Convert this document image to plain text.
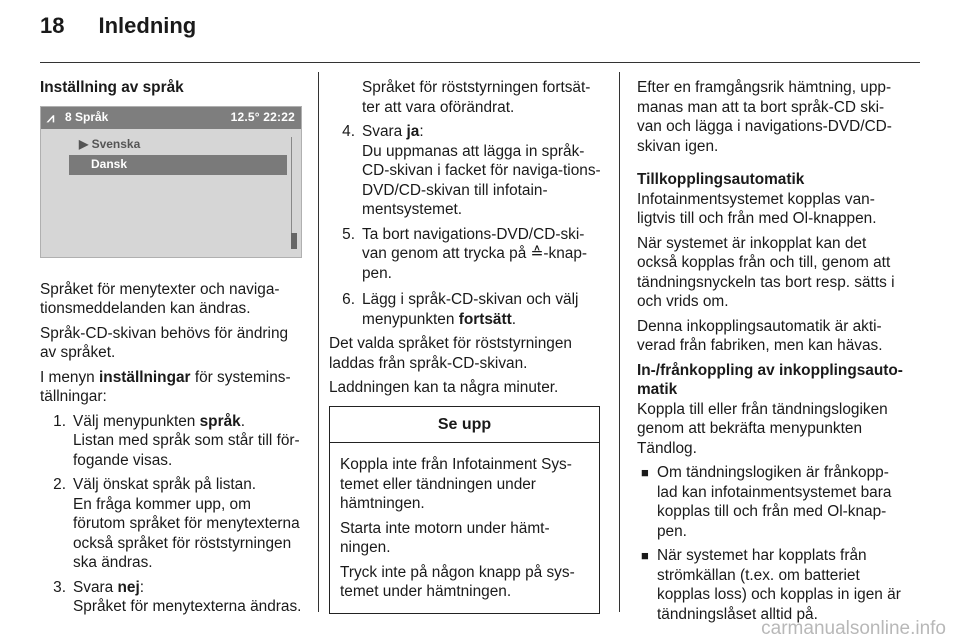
18 Inledning
Inställning av språk
⩘ 8 Språk	12.5° 22:22
▶ Svenska
Dansk

Språket för menytexter och naviga-tionsmeddelanden kan ändras.

Språk-CD-skivan behövs för ändring av språket.

I menyn inställningar för systemins-tällningar:

1. Välj menypunkten språk.
Listan med språk som står till för-fogande visas.
2. Välj önskat språk på listan.
En fråga kommer upp, om förutom språket för menytexterna också språket för röststyrningen ska ändras.
3. Svara nej:
Språket för menytexterna ändras.
Språket för röststyrningen fortsät-ter att vara oförändrat.
4. Svara ja:
Du uppmanas att lägga in språk-CD-skivan i facket för naviga-tions-DVD/CD-skivan till infotain-mentsystemet.
5. Ta bort navigations-DVD/CD-ski-van genom att trycka på ≙-knap-pen.
6. Lägg i språk-CD-skivan och välj menypunkten fortsätt.

Det valda språket för röststyrningen laddas från språk-CD-skivan.

Laddningen kan ta några minuter.

Se upp

Koppla inte från Infotainment Sys-temet eller tändningen under hämtningen.

Starta inte motorn under hämt-ningen.

Tryck inte på någon knapp på sys-temet under hämtningen.

Efter en framgångsrik hämtning, upp-manas man att ta bort språk-CD ski-van och lägga i navigations-DVD/CD-skivan igen.

Tillkopplingsautomatik

Infotainmentsystemet kopplas van-ligtvis till och från med Ol-knappen.

När systemet är inkopplat kan det också kopplas från och till, genom att tändningsnyckeln tas bort resp. sätts i och vrids om.

Denna inkopplingsautomatik är akti-verad från fabriken, men kan hävas.

In-/frånkoppling av inkopplingsauto-matik

Koppla till eller från tändningslogiken genom att bekräfta menypunkten Tändlog.

■ Om tändningslogiken är frånkopp-lad kan infotainmentsystemet bara kopplas till och från med Ol-knap-pen.
■ När systemet har kopplats från strömkällan (t.ex. om batteriet kopplas loss) och kopplas in igen är tändningslåset alltid på.
carmanualsonline.info
